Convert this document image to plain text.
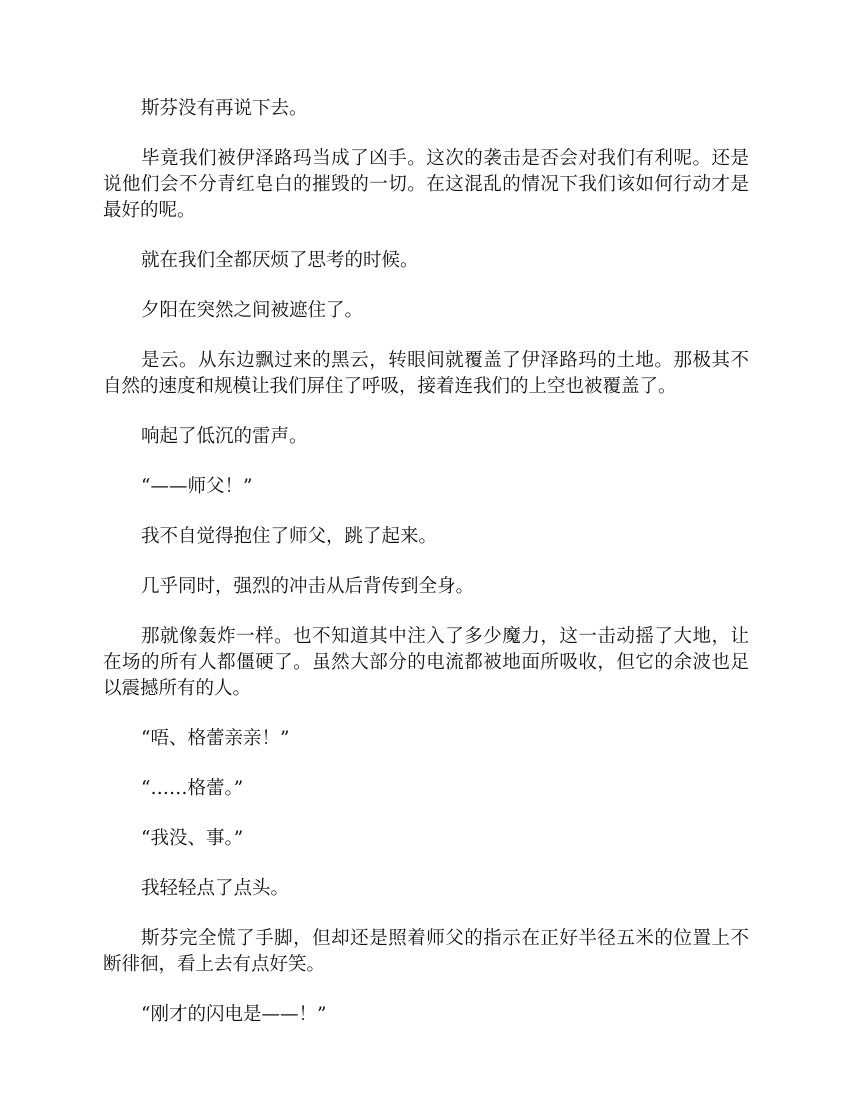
斯芬没有再说下去。

毕竟我们被伊泽路玛当成了凶手。这次的袭击是否会对我们有利呢。还是说他们会不分青红皂白的摧毁的一切。在这混乱的情况下我们该如何行动才是最好的呢。

就在我们全都厌烦了思考的时候。

夕阳在突然之间被遮住了。

是云。从东边飘过来的黑云，转眼间就覆盖了伊泽路玛的土地。那极其不自然的速度和规模让我们屏住了呼吸，接着连我们的上空也被覆盖了。

响起了低沉的雷声。

“——师父！”

我不自觉得抱住了师父，跳了起来。

几乎同时，强烈的冲击从后背传到全身。

那就像轰炸一样。也不知道其中注入了多少魔力，这一击动摇了大地，让在场的所有人都僵硬了。虽然大部分的电流都被地面所吸收，但它的余波也足以震撼所有的人。

“唔、格蕾亲亲！”

“……格蕾。”

“我没、事。”

我轻轻点了点头。

斯芬完全慌了手脚，但却还是照着师父的指示在正好半径五米的位置上不断徘徊，看上去有点好笑。

“刚才的闪电是——！”
